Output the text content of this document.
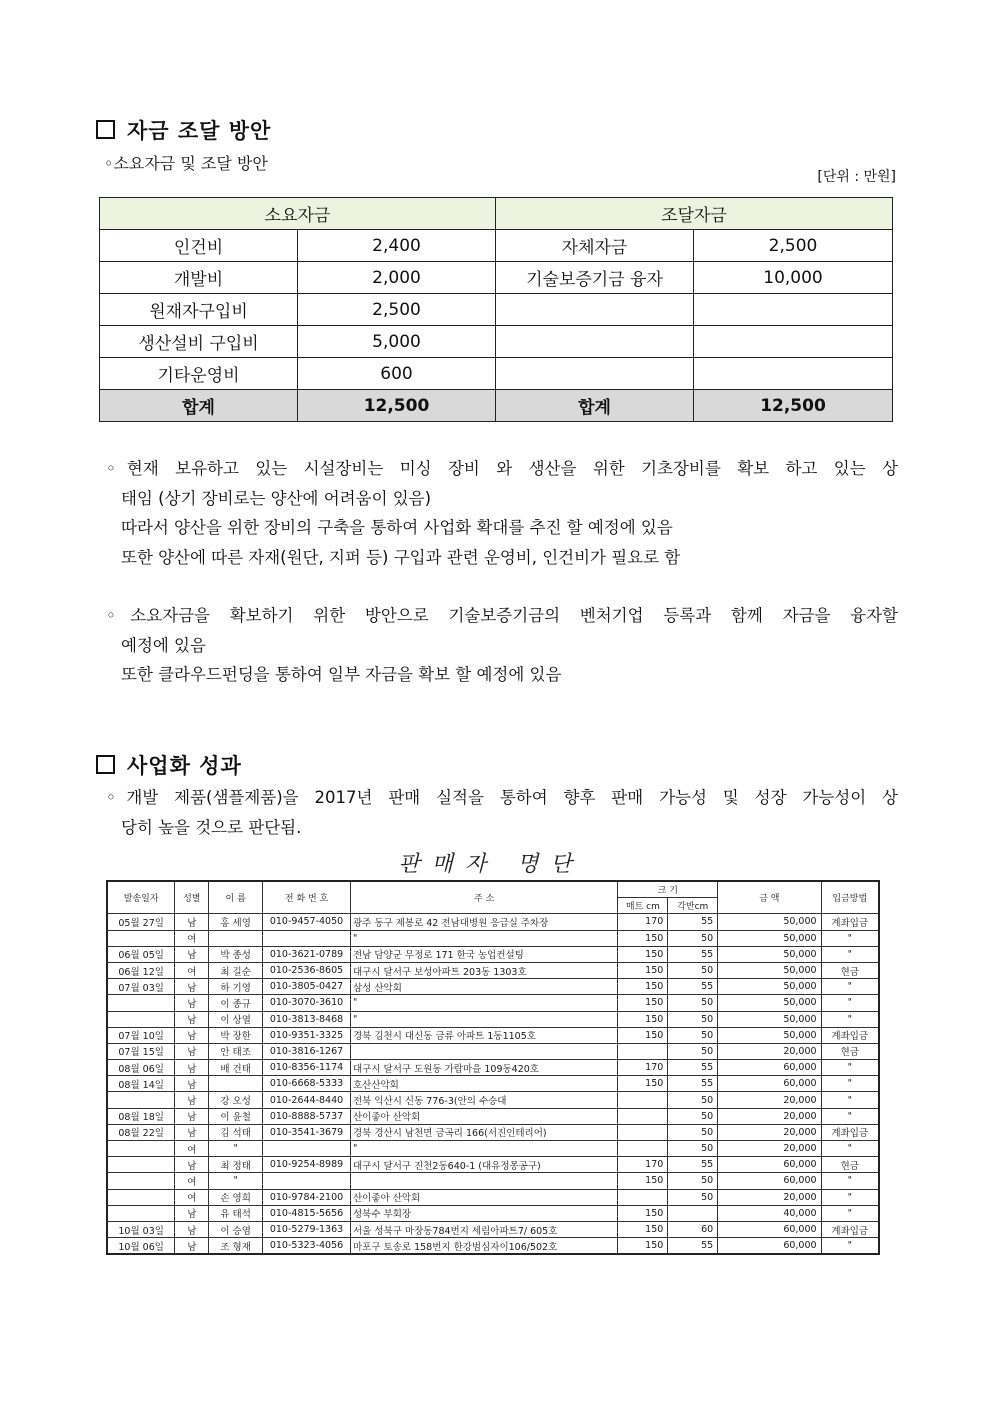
자금 조달 방안
◦소요자금 및 조달 방안
[단위 : 만원]
소요자금		조달자금	
인건비	2,400	자체자금	2,500
개발비	2,000	기술보증기금 융자	10,000
원재자구입비	2,500		
생산설비 구입비	5,000		
기타운영비	600		
합계	12,500	합계	12,500
◦현재 보유하고 있는 시설장비는 미싱 장비 와 생산을 위한 기초장비를 확보 하고 있는 상
태임 (상기 장비로는 양산에 어려움이 있음)
따라서 양산을 위한 장비의 구축을 통하여 사업화 확대를 추진 할 예정에 있음
또한 양산에 따른 자재(원단, 지퍼 등) 구입과 관련 운영비, 인건비가 필요로 함
◦소요자금을 확보하기 위한 방안으로 기술보증기금의 벤처기업 등록과 함께 자금을 융자할
예정에 있음
또한 클라우드펀딩을 통하여 일부 자금을 확보 할 예정에 있음
사업화 성과
◦개발 제품(샘플제품)을 2017년 판매 실적을 통하여 향후 판매 가능성 및 성장 가능성이 상
당히 높을 것으로 판단됨.
판매자 명단
발송일자	성별	이 름	전 화 번 호	주 소	크 기		금 액	입금방법
					매트 cm	각반cm		
05월 27일	남	홍 세영	010-9457-4050	광주 동구 제봉로 42 전남대병원 응급실 주차장	170	55	50,000	계좌입금
	여			"	150	50	50,000	"
06월 05일	남	박 종성	010-3621-0789	전남 담양군 무정로 171 한국 농업컨설팅	150	55	50,000	"
06월 12일	여	최 길순	010-2536-8605	대구시 달서구 보성아파트 203동 1303호	150	50	50,000	현금
07월 03일	남	하 기영	010-3805-0427	삼성 산악회	150	55	50,000	"
	남	이 종규	010-3070-3610	"	150	50	50,000	"
	남	이 상열	010-3813-8468	"	150	50	50,000	"
07월 10일	남	박 장한	010-9351-3325	경북 김천시 대신동 금류 아파트 1동1105호	150	50	50,000	계좌입금
07월 15일	남	안 태조	010-3816-1267			50	20,000	현금
08월 06일	남	배 건태	010-8356-1174	대구시 달서구 도원동 가람마을 109동420호	170	55	60,000	"
08월 14일	남		010-6668-5333	호산산악회	150	55	60,000	"
	남	강 오성	010-2644-8440	전북 익산시 신동 776-3(안의 수승대		50	20,000	"
08월 18일	남	이 윤철	010-8888-5737	산이좋아 산악회		50	20,000	"
08월 22일	남	김 석태	010-3541-3679	경북 경산시 남천면 금곡리 166(서진인테리어)		50	20,000	계좌입금
	여	"		"		50	20,000	"
	남	최 정태	010-9254-8989	대구시 달서구 진천2동640-1 (대유정몽공구)	170	55	60,000	현금
	여	"			150	50	60,000	"
	여	손 영희	010-9784-2100	산이좋아 산악회		50	20,000	"
	남	유 태석	010-4815-5656	성북수 부회장	150		40,000	"
10월 03일	남	이 승염	010-5279-1363	서울 성북구 마장동784번지 세림아파트7/ 605호	150	60	60,000	계좌입금
10월 06일	남	조 형재	010-5323-4056	마포구 토송로 158번지 한강범심자이106/502호	150	55	60,000	"
